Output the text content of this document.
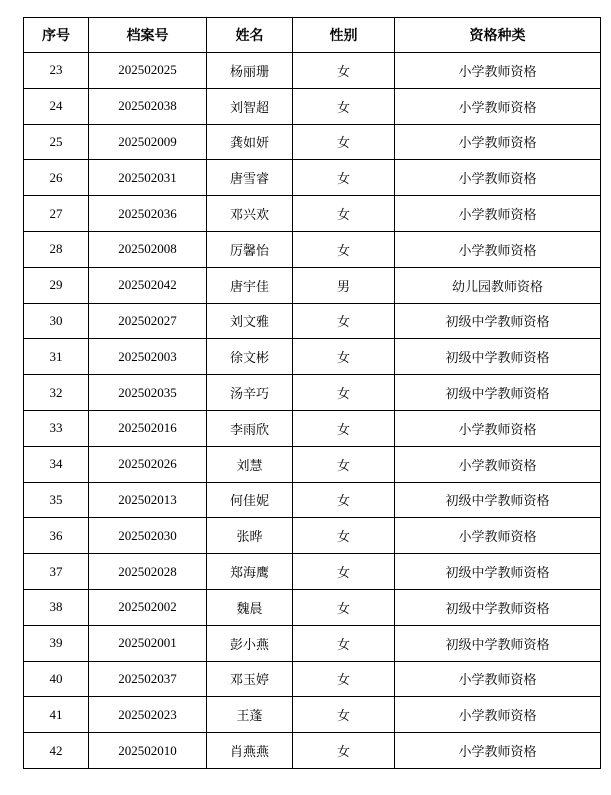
序号	档案号	姓名	性别	资格种类
23	202502025	杨丽珊	女	小学教师资格
24	202502038	刘智超	女	小学教师资格
25	202502009	龚如妍	女	小学教师资格
26	202502031	唐雪睿	女	小学教师资格
27	202502036	邓兴欢	女	小学教师资格
28	202502008	厉馨怡	女	小学教师资格
29	202502042	唐宇佳	男	幼儿园教师资格
30	202502027	刘文雅	女	初级中学教师资格
31	202502003	徐文彬	女	初级中学教师资格
32	202502035	汤辛巧	女	初级中学教师资格
33	202502016	李雨欣	女	小学教师资格
34	202502026	刘慧	女	小学教师资格
35	202502013	何佳妮	女	初级中学教师资格
36	202502030	张晔	女	小学教师资格
37	202502028	郑海鹰	女	初级中学教师资格
38	202502002	魏晨	女	初级中学教师资格
39	202502001	彭小燕	女	初级中学教师资格
40	202502037	邓玉婷	女	小学教师资格
41	202502023	王蓬	女	小学教师资格
42	202502010	肖燕燕	女	小学教师资格
